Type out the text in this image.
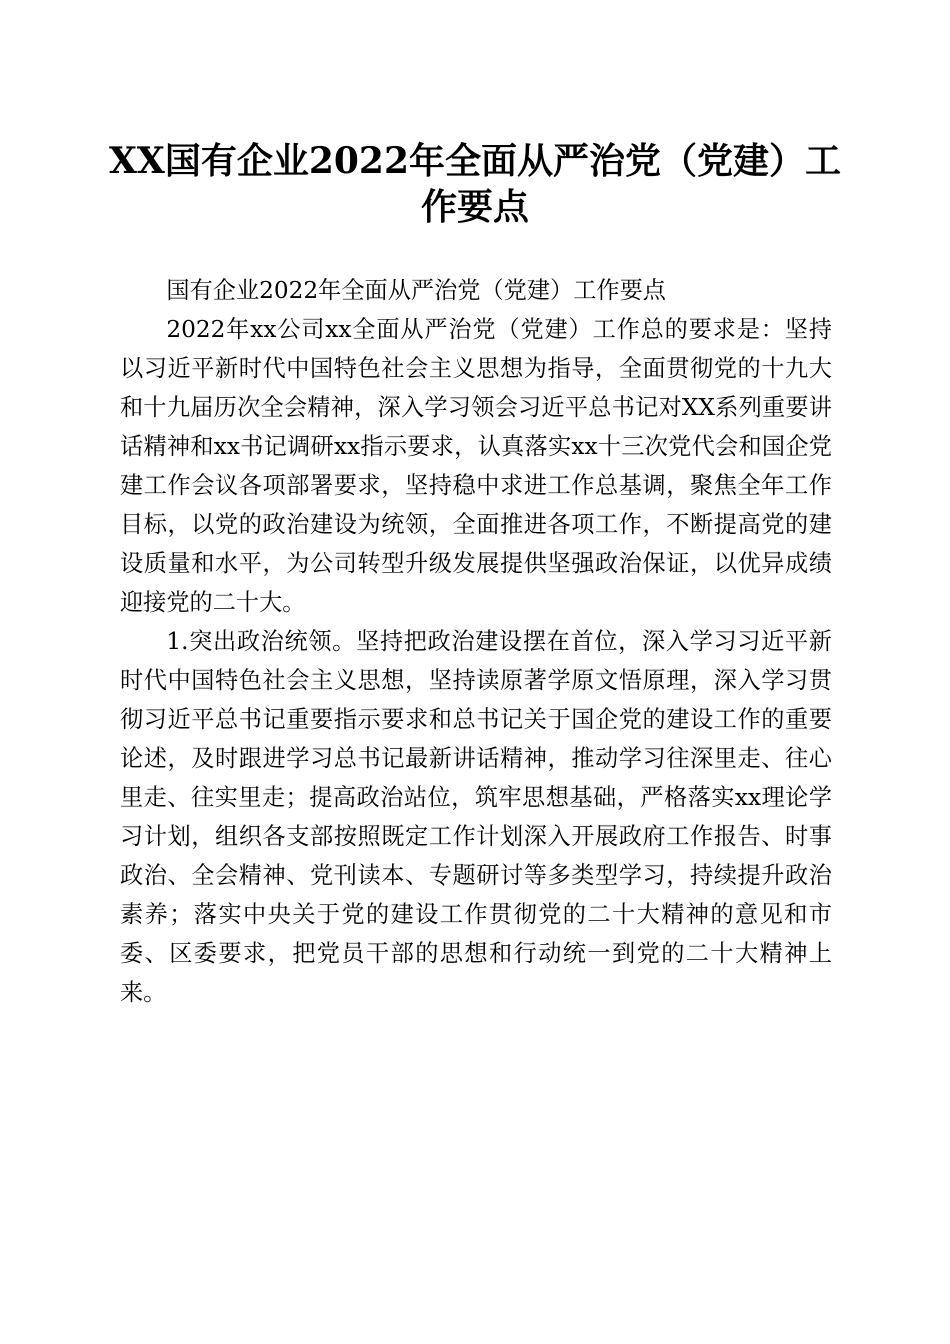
XX国有企业2022年全面从严治党（党建）工作要点

国有企业2022年全面从严治党（党建）工作要点

2022年xx公司xx全面从严治党（党建）工作总的要求是：坚持以习近平新时代中国特色社会主义思想为指导，全面贯彻党的十九大和十九届历次全会精神，深入学习领会习近平总书记对XX系列重要讲话精神和xx书记调研xx指示要求，认真落实xx十三次党代会和国企党建工作会议各项部署要求，坚持稳中求进工作总基调，聚焦全年工作目标，以党的政治建设为统领，全面推进各项工作，不断提高党的建设质量和水平，为公司转型升级发展提供坚强政治保证，以优异成绩迎接党的二十大。

1.突出政治统领。坚持把政治建设摆在首位，深入学习习近平新时代中国特色社会主义思想，坚持读原著学原文悟原理，深入学习贯彻习近平总书记重要指示要求和总书记关于国企党的建设工作的重要论述，及时跟进学习总书记最新讲话精神，推动学习往深里走、往心里走、往实里走；提高政治站位，筑牢思想基础，严格落实xx理论学习计划，组织各支部按照既定工作计划深入开展政府工作报告、时事政治、全会精神、党刊读本、专题研讨等多类型学习，持续提升政治素养；落实中央关于党的建设工作贯彻党的二十大精神的意见和市委、区委要求，把党员干部的思想和行动统一到党的二十大精神上来。
